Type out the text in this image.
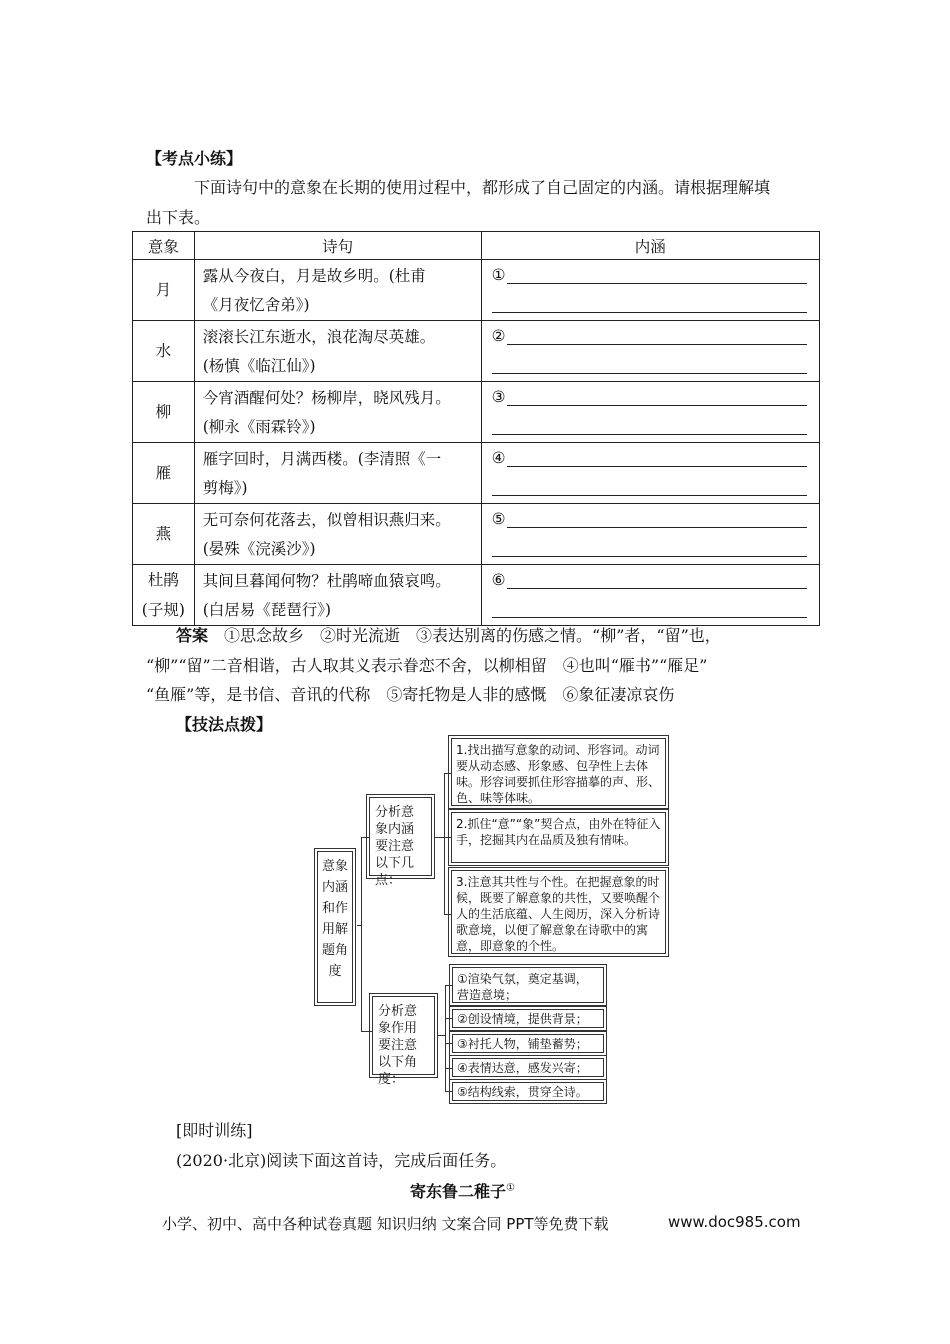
【考点小练】
下面诗句中的意象在长期的使用过程中，都形成了自己固定的内涵。请根据理解填
出下表。
意象	诗句	内涵
月	露从今夜白，月是故乡明。(杜甫
《月夜忆舍弟》)	①

水	滚滚长江东逝水，浪花淘尽英雄。
(杨慎《临江仙》)	②

柳	今宵酒醒何处？杨柳岸，晓风残月。
(柳永《雨霖铃》)	③

雁	雁字回时，月满西楼。(李清照《一
剪梅》)	④

燕	无可奈何花落去，似曾相识燕归来。
(晏殊《浣溪沙》)	⑤

杜鹃
(子规)	其间旦暮闻何物？杜鹃啼血猿哀鸣。
(白居易《琵琶行》)	⑥
答案　 ①思念故乡　②时光流逝　③表达别离的伤感之情。“柳”者，“留”也，
“柳”“留”二音相谐，古人取其义表示眷恋不舍，以柳相留　④也叫“雁书”“雁足”
“鱼雁”等，是书信、音讯的代称　⑤寄托物是人非的感慨　⑥象征凄凉哀伤
【技法点拨】
意象内涵和作用解题角度
分析意象内涵要注意以下几点：
1.找出描写意象的动词、形容词。动词要从动态感、形象感、包孕性上去体味。形容词要抓住形容描摹的声、形、色、味等体味。
2.抓住“意”“象”契合点，由外在特征入手，挖掘其内在品质及独有情味。
3.注意其共性与个性。在把握意象的时候，既要了解意象的共性，又要唤醒个人的生活底蕴、人生阅历，深入分析诗歌意境，以便了解意象在诗歌中的寓意，即意象的个性。
分析意象作用要注意以下角度：
①渲染气氛，奠定基调，营造意境；
②创设情境，提供背景；
③衬托人物，铺垫蓄势；
④表情达意，感发兴寄；
⑤结构线索，贯穿全诗。
[即时训练]
(2020·北京)阅读下面这首诗，完成后面任务。
寄东鲁二稚子①
小学、初中、高中各种试卷真题 知识归纳 文案合同 PPT等免费下载	www.doc985.com
